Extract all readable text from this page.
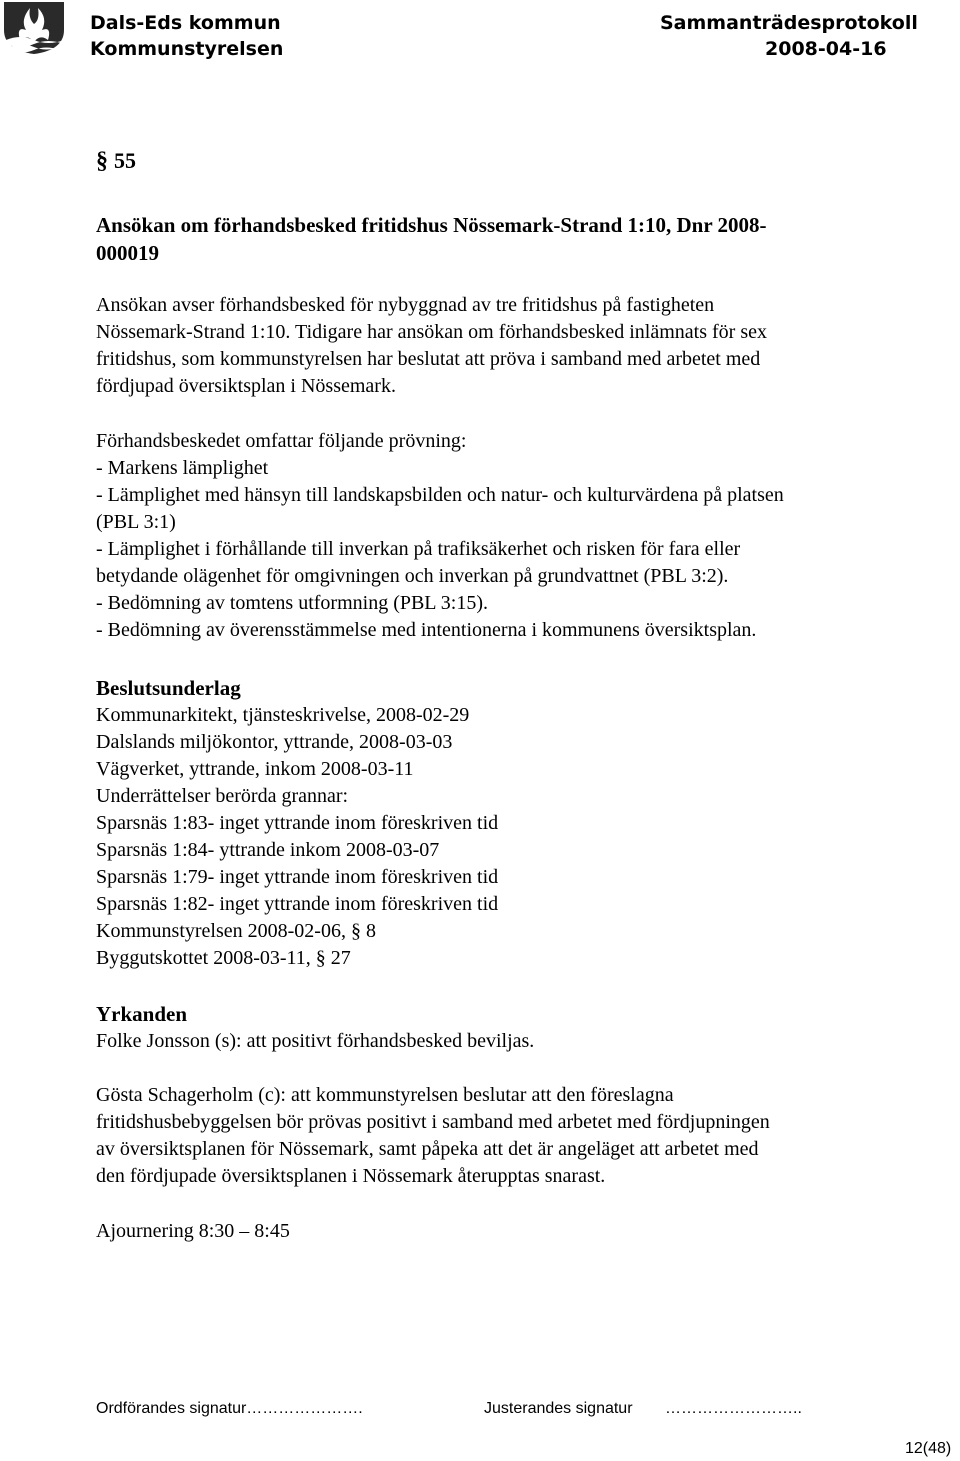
Dals-Eds kommun
Kommunstyrelsen
Sammanträdesprotokoll
2008-04-16
§ 55
Ansökan om förhandsbesked fritidshus Nössemark-Strand 1:10, Dnr 2008-
000019
Ansökan avser förhandsbesked för nybyggnad av tre fritidshus på fastigheten
Nössemark-Strand 1:10. Tidigare har ansökan om förhandsbesked inlämnats för sex
fritidshus, som kommunstyrelsen har beslutat att pröva i samband med arbetet med
fördjupad översiktsplan i Nössemark.
Förhandsbeskedet omfattar följande prövning:
- Markens lämplighet
- Lämplighet med hänsyn till landskapsbilden och natur- och kulturvärdena på platsen
(PBL 3:1)
- Lämplighet i förhållande till inverkan på trafiksäkerhet och risken för fara eller
betydande olägenhet för omgivningen och inverkan på grundvattnet (PBL 3:2).
- Bedömning av tomtens utformning (PBL 3:15).
- Bedömning av överensstämmelse med intentionerna i kommunens översiktsplan.
Beslutsunderlag
Kommunarkitekt, tjänsteskrivelse, 2008-02-29
Dalslands miljökontor, yttrande, 2008-03-03
Vägverket, yttrande, inkom 2008-03-11
Underrättelser berörda grannar:
Sparsnäs 1:83- inget yttrande inom föreskriven tid
Sparsnäs 1:84- yttrande inkom 2008-03-07
Sparsnäs 1:79- inget yttrande inom föreskriven tid
Sparsnäs 1:82- inget yttrande inom föreskriven tid
Kommunstyrelsen 2008-02-06, § 8
Byggutskottet 2008-03-11, § 27
Yrkanden
Folke Jonsson (s): att positivt förhandsbesked beviljas.
Gösta Schagerholm (c): att kommunstyrelsen beslutar att den föreslagna
fritidshusbebyggelsen bör prövas positivt i samband med arbetet med fördjupningen
av översiktsplanen för Nössemark, samt påpeka att det är angeläget att arbetet med
den fördjupade översiktsplanen i Nössemark återupptas snarast.
Ajournering 8:30 – 8:45
Ordförandes signatur………………….	Justerandes signatur ……………………..
12(48)
